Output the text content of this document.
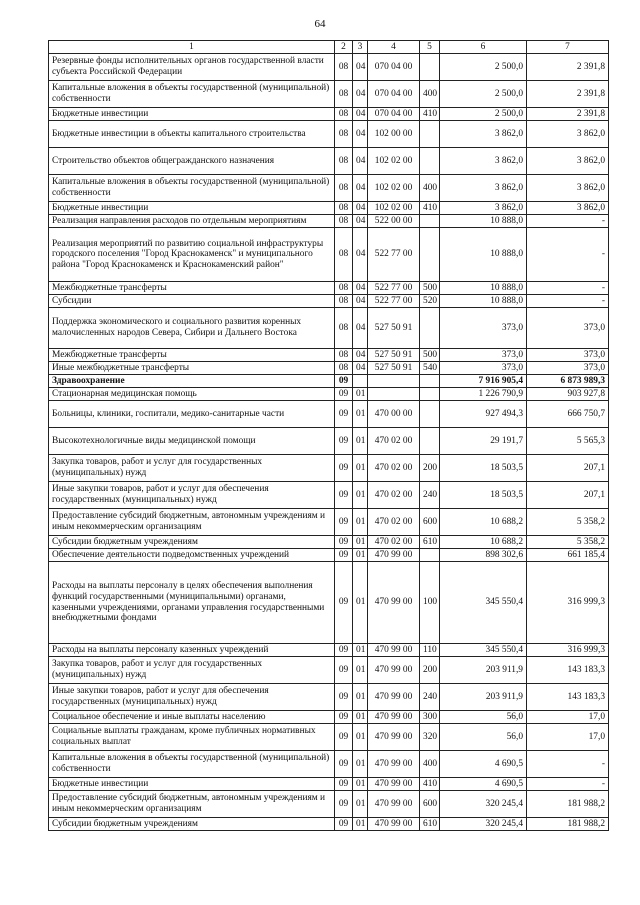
64
1	2	3	4	5	6	7
Резервные фонды исполнительных органов государственной власти субъекта Российской Федерации	08	04	070 04 00		2 500,0	2 391,8
Капитальные вложения в объекты государственной (муниципальной) собственности	08	04	070 04 00	400	2 500,0	2 391,8
Бюджетные инвестиции	08	04	070 04 00	410	2 500,0	2 391,8
Бюджетные инвестиции в объекты капитального строительства	08	04	102 00 00		3 862,0	3 862,0
Строительство объектов общегражданского назначения	08	04	102 02 00		3 862,0	3 862,0
Капитальные вложения в объекты государственной (муниципальной) собственности	08	04	102 02 00	400	3 862,0	3 862,0
Бюджетные инвестиции	08	04	102 02 00	410	3 862,0	3 862,0
Реализация направления расходов по отдельным мероприятиям	08	04	522 00 00		10 888,0	-
Реализация мероприятий по развитию социальной инфраструктуры городского поселения "Город Краснокаменск" и муниципального района "Город Краснокаменск и Краснокаменский район"	08	04	522 77 00		10 888,0	-
Межбюджетные трансферты	08	04	522 77 00	500	10 888,0	-
Субсидии	08	04	522 77 00	520	10 888,0	-
Поддержка экономического и социального развития коренных малочисленных народов Севера, Сибири и Дальнего Востока	08	04	527 50 91		373,0	373,0
Межбюджетные трансферты	08	04	527 50 91	500	373,0	373,0
Иные межбюджетные трансферты	08	04	527 50 91	540	373,0	373,0
Здравоохранение	09				7 916 905,4	6 873 989,3
Стационарная медицинская помощь	09	01			1 226 790,9	903 927,8
Больницы, клиники, госпитали, медико-санитарные части	09	01	470 00 00		927 494,3	666 750,7
Высокотехнологичные виды медицинской помощи	09	01	470 02 00		29 191,7	5 565,3
Закупка товаров, работ и услуг для государственных (муниципальных) нужд	09	01	470 02 00	200	18 503,5	207,1
Иные закупки товаров, работ и услуг для обеспечения государственных (муниципальных) нужд	09	01	470 02 00	240	18 503,5	207,1
Предоставление субсидий бюджетным, автономным учреждениям и иным некоммерческим организациям	09	01	470 02 00	600	10 688,2	5 358,2
Субсидии бюджетным учреждениям	09	01	470 02 00	610	10 688,2	5 358,2
Обеспечение деятельности подведомственных учреждений	09	01	470 99 00		898 302,6	661 185,4
Расходы на выплаты персоналу в целях обеспечения выполнения функций государственными (муниципальными) органами, казенными учреждениями, органами управления государственными внебюджетными фондами	09	01	470 99 00	100	345 550,4	316 999,3
Расходы на выплаты персоналу казенных учреждений	09	01	470 99 00	110	345 550,4	316 999,3
Закупка товаров, работ и услуг для государственных (муниципальных) нужд	09	01	470 99 00	200	203 911,9	143 183,3
Иные закупки товаров, работ и услуг для обеспечения государственных (муниципальных) нужд	09	01	470 99 00	240	203 911,9	143 183,3
Социальное обеспечение и иные выплаты населению	09	01	470 99 00	300	56,0	17,0
Социальные выплаты гражданам, кроме публичных нормативных социальных выплат	09	01	470 99 00	320	56,0	17,0
Капитальные вложения в объекты государственной (муниципальной) собственности	09	01	470 99 00	400	4 690,5	-
Бюджетные инвестиции	09	01	470 99 00	410	4 690,5	-
Предоставление субсидий бюджетным, автономным учреждениям и иным некоммерческим организациям	09	01	470 99 00	600	320 245,4	181 988,2
Субсидии бюджетным учреждениям	09	01	470 99 00	610	320 245,4	181 988,2
